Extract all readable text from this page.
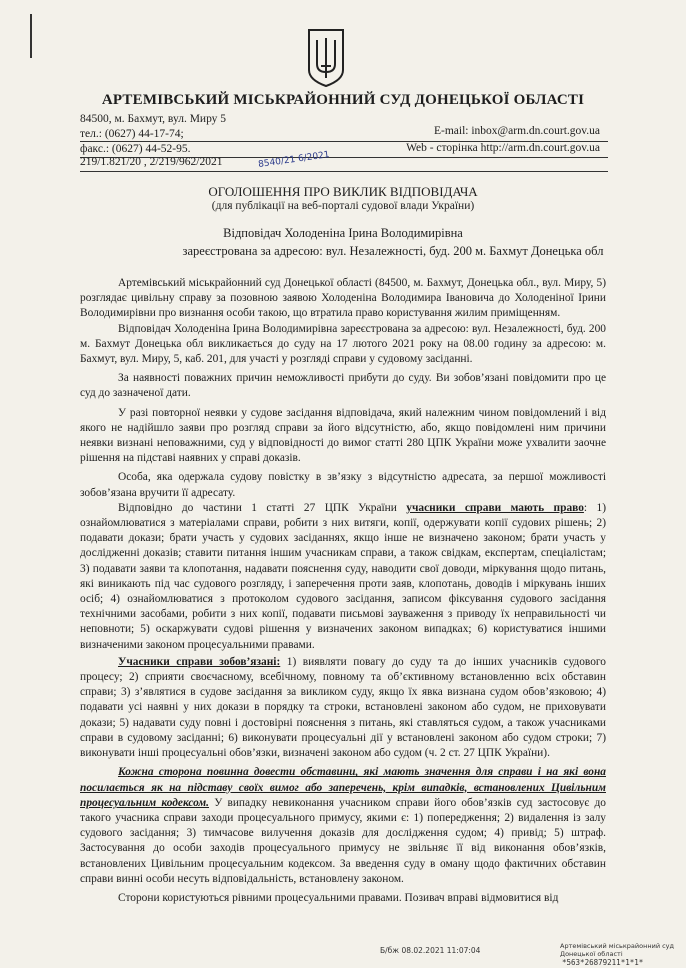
АРТЕМІВСЬКИЙ МІСЬКРАЙОННИЙ СУД ДОНЕЦЬКОЇ ОБЛАСТІ
84500, м. Бахмут, вул. Миру 5
тел.: (0627) 44-17-74;	E-mail: inbox@arm.dn.court.gov.ua
факс.: (0627) 44-52-95.	Web - сторінка http://arm.dn.court.gov.ua
219/1.821/20 , 2/219/962/2021	8540/21 6/2021
ОГОЛОШЕННЯ ПРО ВИКЛИК ВІДПОВІДАЧА
(для публікації на веб-порталі судової влади України)
Відповідач Холоденіна Ірина Володимирівна
зареєстрована за адресою: вул. Незалежності, буд. 200 м. Бахмут Донецька обл

Артемівський міськрайонний суд Донецької області (84500, м. Бахмут, Донецька обл., вул. Миру, 5) розглядає цивільну справу за позовною заявою Холоденіна Володимира Івановича до Холоденіної Ірини Володимирівни про визнання особи такою, що втратила право користування жилим приміщенням.

Відповідач Холоденіна Ірина Володимирівна зареєстрована за адресою: вул. Незалежності, буд. 200 м. Бахмут Донецька обл викликається до суду на 17 лютого 2021 року на 08.00 годину за адресою: м. Бахмут, вул. Миру, 5, каб. 201, для участі у розгляді справи у судовому засіданні.

За наявності поважних причин неможливості прибути до суду. Ви зобов’язані повідомити про це суд до зазначеної дати.

У разі повторної неявки у судове засідання відповідача, який належним чином повідомлений і від якого не надійшло заяви про розгляд справи за його відсутністю, або, якщо повідомлені ним причини неявки визнані неповажними, суд у відповідності до вимог статті 280 ЦПК України може ухвалити заочне рішення на підставі наявних у справі доказів.

Особа, яка одержала судову повістку в зв’язку з відсутністю адресата, за першої можливості зобов’язана вручити її адресату.

Відповідно до частини 1 статті 27 ЦПК України учасники справи мають право: 1) ознайомлюватися з матеріалами справи, робити з них витяги, копії, одержувати копії судових рішень; 2) подавати докази; брати участь у судових засіданнях, якщо інше не визначено законом; брати участь у дослідженні доказів; ставити питання іншим учасникам справи, а також свідкам, експертам, спеціалістам; 3) подавати заяви та клопотання, надавати пояснення суду, наводити свої доводи, міркування щодо питань, які виникають під час судового розгляду, і заперечення проти заяв, клопотань, доводів і міркувань інших осіб; 4) ознайомлюватися з протоколом судового засідання, записом фіксування судового засідання технічними засобами, робити з них копії, подавати письмові зауваження з приводу їх неправильності чи неповноти; 5) оскаржувати судові рішення у визначених законом випадках; 6) користуватися іншими визначеними законом процесуальними правами.

Учасники справи зобов’язані: 1) виявляти повагу до суду та до інших учасників судового процесу; 2) сприяти своєчасному, всебічному, повному та об’єктивному встановленню всіх обставин справи; 3) з’являтися в судове засідання за викликом суду, якщо їх явка визнана судом обов’язковою; 4) подавати усі наявні у них докази в порядку та строки, встановлені законом або судом, не приховувати докази; 5) надавати суду повні і достовірні пояснення з питань, які ставляться судом, а також учасниками справи в судовому засіданні; 6) виконувати процесуальні дії у встановлені законом або судом строки; 7) виконувати інші процесуальні обов’язки, визначені законом або судом (ч. 2 ст. 27 ЦПК України).

Кожна сторона повинна довести обставини, які мають значення для справи і на які вона посилається як на підставу своїх вимог або заперечень, крім випадків, встановлених Цивільним процесуальним кодексом. У випадку невиконання учасником справи його обов’язків суд застосовує до такого учасника справи заходи процесуального примусу, якими є: 1) попередження; 2) видалення із залу судового засідання; 3) тимчасове вилучення доказів для дослідження судом; 4) привід; 5) штраф. Застосування до особи заходів процесуального примусу не звільняє її від виконання обов’язків, встановлених Цивільним процесуальним кодексом. За введення суду в оману щодо фактичних обставин справи винні особи несуть відповідальність, встановлену законом.

Сторони користуються рівними процесуальними правами. Позивач вправі відмовитися від

Артемівський міськрайонний суд
Донецької області
Б/бж 08.02.2021 11:07:04
*563*26879211*1*1*
